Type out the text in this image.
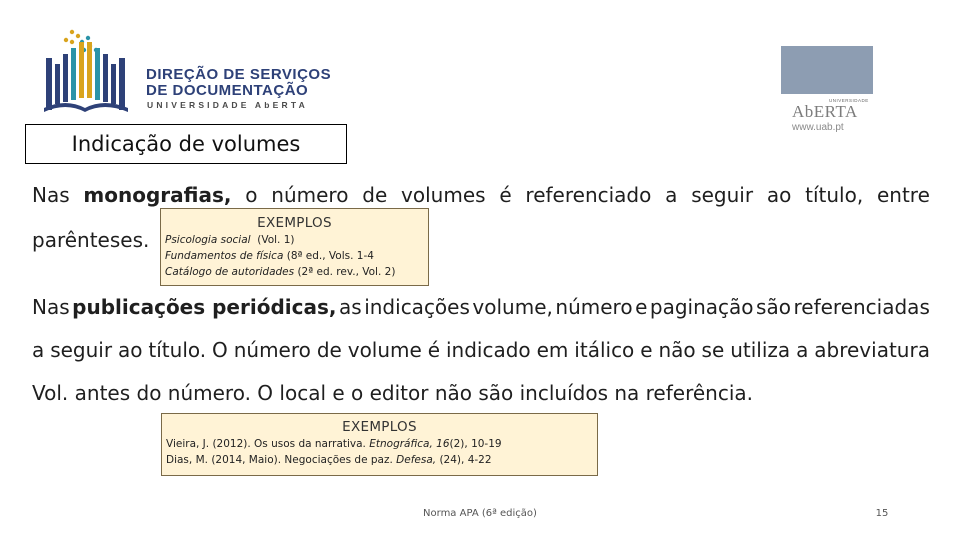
DIREÇÃO DE SERVIÇOS
DE DOCUMENTAÇÃO
UNIVERSIDADE AbERTA	UNIVERSIDADE
AbERTA
www.uab.pt
Indicação de volumes
Nas monografias, o número de volumes é referenciado a seguir ao título, entre
parênteses.
EXEMPLOS
Psicologia social  (Vol. 1)
Fundamentos de física (8ª ed., Vols. 1-4
Catálogo de autoridades (2ª ed. rev., Vol. 2)
Nas publicações periódicas, as indicações volume, número e paginação são referenciadas
a seguir ao título. O número de volume é indicado em itálico e não se utiliza a abreviatura
Vol. antes do número. O local e o editor não são incluídos na referência.
EXEMPLOS
Vieira, J. (2012). Os usos da narrativa. Etnográfica, 16(2), 10-19
Dias, M. (2014, Maio). Negociações de paz. Defesa, (24), 4-22
Norma APA (6ª edição)	15
